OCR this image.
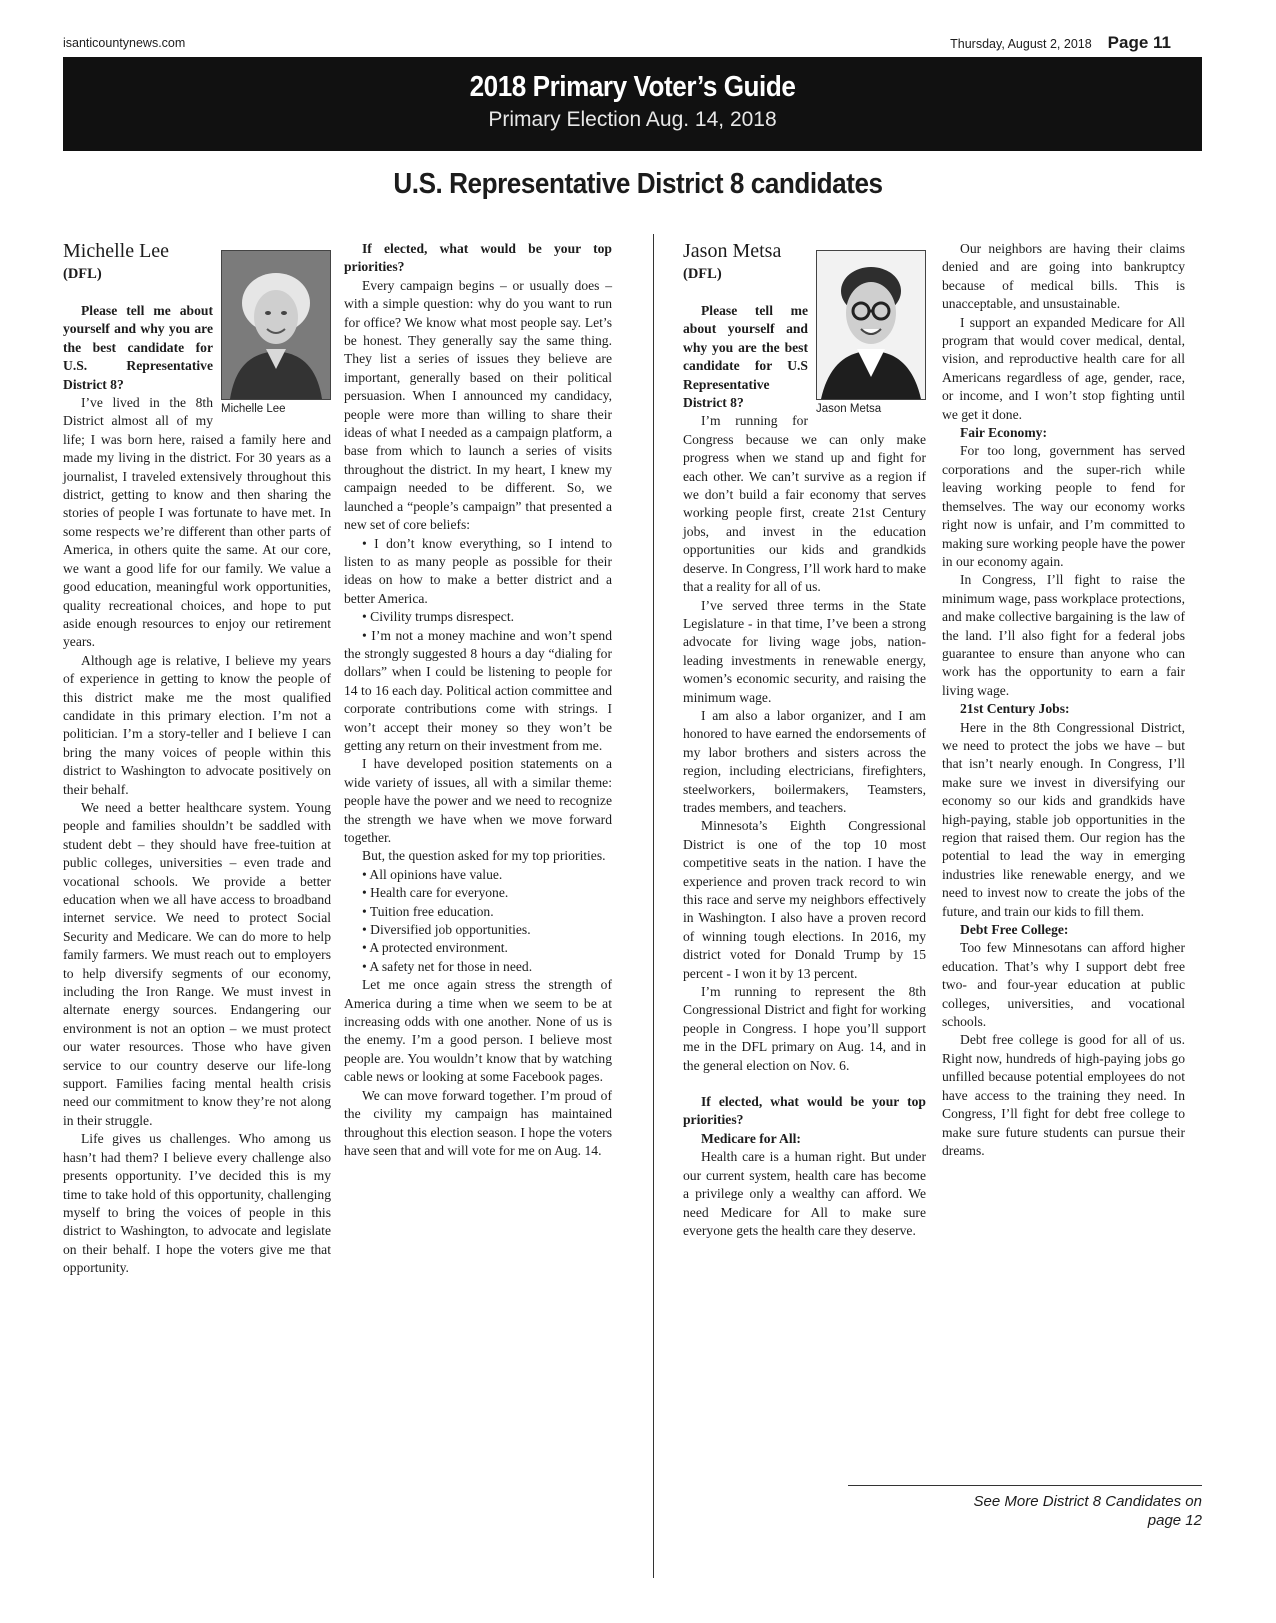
isanticountynews.com	Thursday, August 2, 2018 Page 11
2018 Primary Voter’s Guide
Primary Election Aug. 14, 2018
U.S. Representative District 8 candidates
Michelle Lee
(DFL)
Michelle Lee

Please tell me about yourself and why you are the best candidate for U.S. Representative District 8?

I’ve lived in the 8th District almost all of my life; I was born here, raised a family here and made my living in the district. For 30 years as a journalist, I traveled extensively throughout this district, getting to know and then sharing the stories of people I was fortunate to have met. In some respects we’re different than other parts of America, in others quite the same. At our core, we want a good life for our family. We value a good education, meaningful work opportunities, quality recreational choices, and hope to put aside enough resources to enjoy our retirement years.

Although age is relative, I believe my years of experience in getting to know the people of this district make me the most qualified candidate in this primary election. I’m not a politician. I’m a story-teller and I believe I can bring the many voices of people within this district to Washington to advocate positively on their behalf.

We need a better healthcare system. Young people and families shouldn’t be saddled with student debt – they should have free-tuition at public colleges, universities – even trade and vocational schools. We provide a better education when we all have access to broadband internet service. We need to protect Social Security and Medicare. We can do more to help family farmers. We must reach out to employers to help diversify segments of our economy, including the Iron Range. We must invest in alternate energy sources. Endangering our environment is not an option – we must protect our water resources. Those who have given service to our country deserve our life-long support. Families facing mental health crisis need our commitment to know they’re not along in their struggle.

Life gives us challenges. Who among us hasn’t had them? I believe every challenge also presents opportunity. I’ve decided this is my time to take hold of this opportunity, challenging myself to bring the voices of people in this district to Washington, to advocate and legislate on their behalf. I hope the voters give me that opportunity.

If elected, what would be your top priorities?

Every campaign begins – or usually does – with a simple question: why do you want to run for office? We know what most people say. Let’s be honest. They generally say the same thing. They list a series of issues they believe are important, generally based on their political persuasion. When I announced my candidacy, people were more than willing to share their ideas of what I needed as a campaign platform, a base from which to launch a series of visits throughout the district. In my heart, I knew my campaign needed to be different. So, we launched a “people’s campaign” that presented a new set of core beliefs:

• I don’t know everything, so I intend to listen to as many people as possible for their ideas on how to make a better district and a better America.

• Civility trumps disrespect.

• I’m not a money machine and won’t spend the strongly suggested 8 hours a day “dialing for dollars” when I could be listening to people for 14 to 16 each day. Political action committee and corporate contributions come with strings. I won’t accept their money so they won’t be getting any return on their investment from me.

I have developed position statements on a wide variety of issues, all with a similar theme: people have the power and we need to recognize the strength we have when we move forward together.

But, the question asked for my top priorities.

• All opinions have value.

• Health care for everyone.

• Tuition free education.

• Diversified job opportunities.

• A protected environment.

• A safety net for those in need.

Let me once again stress the strength of America during a time when we seem to be at increasing odds with one another. None of us is the enemy. I’m a good person. I believe most people are. You wouldn’t know that by watching cable news or looking at some Facebook pages.

We can move forward together. I’m proud of the civility my campaign has maintained throughout this election season. I hope the voters have seen that and will vote for me on Aug. 14.

Jason Metsa
(DFL)
Jason Metsa

Please tell me about yourself and why you are the best candidate for U.S Representative District 8?

I’m running for Congress because we can only make progress when we stand up and fight for each other. We can’t survive as a region if we don’t build a fair economy that serves working people first, create 21st Century jobs, and invest in the education opportunities our kids and grandkids deserve. In Congress, I’ll work hard to make that a reality for all of us.

I’ve served three terms in the State Legislature - in that time, I’ve been a strong advocate for living wage jobs, nation-leading investments in renewable energy, women’s economic security, and raising the minimum wage.

I am also a labor organizer, and I am honored to have earned the endorsements of my labor brothers and sisters across the region, including electricians, firefighters, steelworkers, boilermakers, Teamsters, trades members, and teachers.

Minnesota’s Eighth Congressional District is one of the top 10 most competitive seats in the nation. I have the experience and proven track record to win this race and serve my neighbors effectively in Washington. I also have a proven record of winning tough elections. In 2016, my district voted for Donald Trump by 15 percent - I won it by 13 percent.

I’m running to represent the 8th Congressional District and fight for working people in Congress. I hope you’ll support me in the DFL primary on Aug. 14, and in the general election on Nov. 6.

If elected, what would be your top priorities?

Medicare for All:

Health care is a human right. But under our current system, health care has become a privilege only a wealthy can afford. We need Medicare for All to make sure everyone gets the health care they deserve.

Our neighbors are having their claims denied and are going into bankruptcy because of medical bills. This is unacceptable, and unsustainable.

I support an expanded Medicare for All program that would cover medical, dental, vision, and reproductive health care for all Americans regardless of age, gender, race, or income, and I won’t stop fighting until we get it done.

Fair Economy:

For too long, government has served corporations and the super-rich while leaving working people to fend for themselves. The way our economy works right now is unfair, and I’m committed to making sure working people have the power in our economy again.

In Congress, I’ll fight to raise the minimum wage, pass workplace protections, and make collective bargaining is the law of the land. I’ll also fight for a federal jobs guarantee to ensure than anyone who can work has the opportunity to earn a fair living wage.

21st Century Jobs:

Here in the 8th Congressional District, we need to protect the jobs we have – but that isn’t nearly enough. In Congress, I’ll make sure we invest in diversifying our economy so our kids and grandkids have high-paying, stable job opportunities in the region that raised them. Our region has the potential to lead the way in emerging industries like renewable energy, and we need to invest now to create the jobs of the future, and train our kids to fill them.

Debt Free College:

Too few Minnesotans can afford higher education. That’s why I support debt free two- and four-year education at public colleges, universities, and vocational schools.

Debt free college is good for all of us. Right now, hundreds of high-paying jobs go unfilled because potential employees do not have access to the training they need. In Congress, I’ll fight for debt free college to make sure future students can pursue their dreams.

See More District 8 Candidates on page 12
